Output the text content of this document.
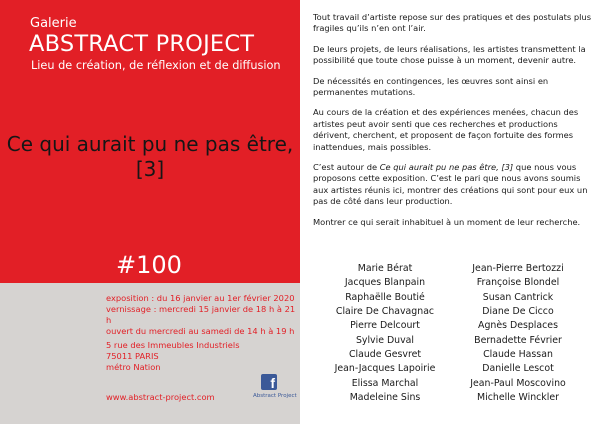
Galerie
ABSTRACT PROJECT
Lieu de création, de réflexion et de diffusion
Ce qui aurait pu ne pas être,
[3]
#100
exposition : du 16 janvier au 1er février 2020
vernissage : mercredi 15 janvier de 18 h à 21 h
ouvert du mercredi au samedi de 14 h à 19 h
5 rue des Immeubles Industriels
75011 PARIS
métro Nation
www.abstract-project.com
f
Abstract Project

Tout travail d’artiste repose sur des pratiques et des postulats plus fragiles qu’ils n’en ont l’air.

De leurs projets, de leurs réalisations, les artistes transmettent la possibilité que toute chose puisse à un moment, devenir autre.

De nécessités en contingences, les œuvres sont ainsi en permanentes mutations.

Au cours de la création et des expériences menées, chacun des artistes peut avoir senti que ces recherches et productions dérivent, cherchent, et proposent de façon fortuite des formes inattendues, mais possibles.

C’est autour de Ce qui aurait pu ne pas être, [3] que nous vous proposons cette exposition. C’est le pari que nous avons soumis aux artistes réunis ici, montrer des créations qui sont pour eux un pas de côté dans leur production.

Montrer ce qui serait inhabituel à un moment de leur recherche.

Marie Bérat
Jacques Blanpain
Raphaëlle Boutié
Claire De Chavagnac
Pierre Delcourt
Sylvie Duval
Claude Gesvret
Jean-Jacques Lapoirie
Elissa Marchal
Madeleine Sins
Jean-Pierre Bertozzi
Françoise Blondel
Susan Cantrick
Diane De Cicco
Agnès Desplaces
Bernadette Février
Claude Hassan
Danielle Lescot
Jean-Paul Moscovino
Michelle Winckler
